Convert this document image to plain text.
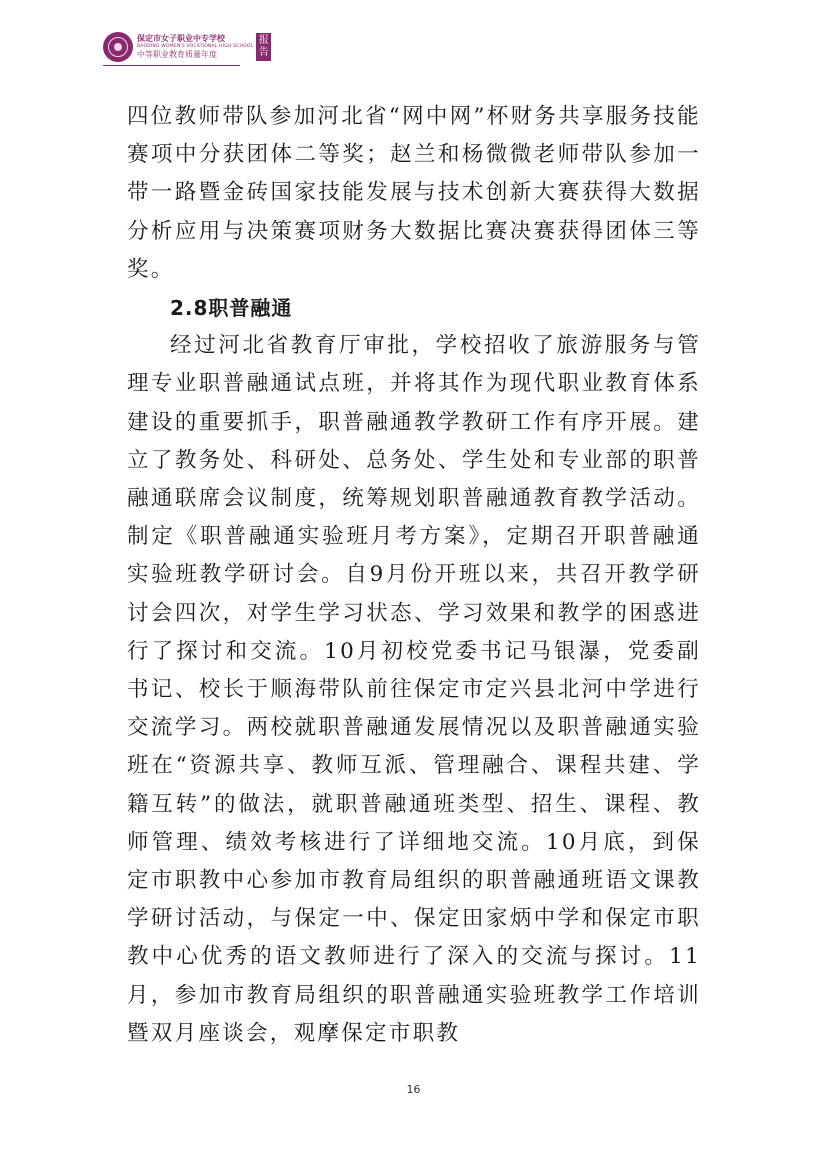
保定市女子职业中专学校
BAODING WOMEN'S VOCATIONAL HIGH SCHOOL
中等职业教育质量年度
报告

四位教师带队参加河北省“网中网”杯财务共享服务技能赛项中分获团体二等奖；赵兰和杨微微老师带队参加一带一路暨金砖国家技能发展与技术创新大赛获得大数据分析应用与决策赛项财务大数据比赛决赛获得团体三等奖。

2.8职普融通

经过河北省教育厅审批，学校招收了旅游服务与管理专业职普融通试点班，并将其作为现代职业教育体系建设的重要抓手，职普融通教学教研工作有序开展。建立了教务处、科研处、总务处、学生处和专业部的职普融通联席会议制度，统筹规划职普融通教育教学活动。制定《职普融通实验班月考方案》，定期召开职普融通实验班教学研讨会。自9月份开班以来，共召开教学研讨会四次，对学生学习状态、学习效果和教学的困惑进行了探讨和交流。10月初校党委书记马银瀑，党委副书记、校长于顺海带队前往保定市定兴县北河中学进行交流学习。两校就职普融通发展情况以及职普融通实验班在“资源共享、教师互派、管理融合、课程共建、学籍互转”的做法，就职普融通班类型、招生、课程、教师管理、绩效考核进行了详细地交流。10月底，到保定市职教中心参加市教育局组织的职普融通班语文课教学研讨活动，与保定一中、保定田家炳中学和保定市职教中心优秀的语文教师进行了深入的交流与探讨。11月，参加市教育局组织的职普融通实验班教学工作培训暨双月座谈会，观摩保定市职教

16
